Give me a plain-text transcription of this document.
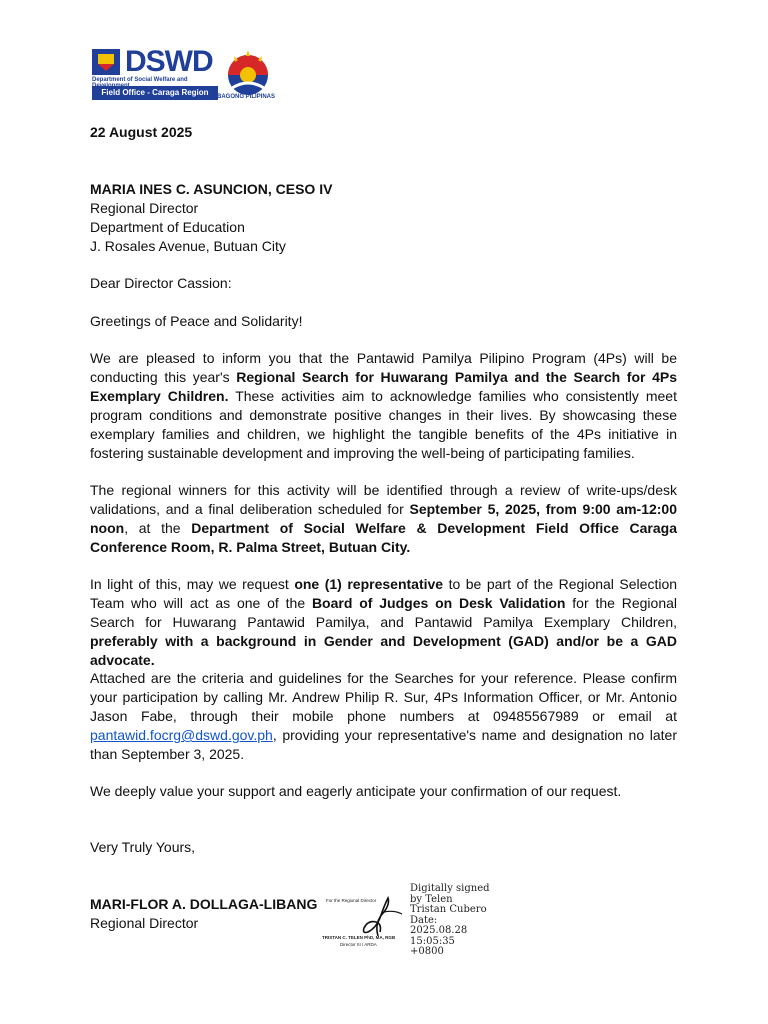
DSWD
Department of Social Welfare and
Field Office - Caraga Region	BAGONG PILIPINAS
22 August 2025
MARIA INES C. ASUNCION, CESO IV
Regional Director
Department of Education
J. Rosales Avenue, Butuan City
Dear Director Cassion:
Greetings of Peace and Solidarity!
We are pleased to inform you that the Pantawid Pamilya Pilipino Program (4Ps) will be conducting this year's Regional Search for Huwarang Pamilya and the Search for 4Ps Exemplary Children. These activities aim to acknowledge families who consistently meet program conditions and demonstrate positive changes in their lives. By showcasing these exemplary families and children, we highlight the tangible benefits of the 4Ps initiative in fostering sustainable development and improving the well-being of participating families.
The regional winners for this activity will be identified through a review of write-ups/desk validations, and a final deliberation scheduled for September 5, 2025, from 9:00 am-12:00 noon, at the Department of Social Welfare & Development Field Office Caraga Conference Room, R. Palma Street, Butuan City.
In light of this, may we request one (1) representative to be part of the Regional Selection Team who will act as one of the Board of Judges on Desk Validation for the Regional Search for Huwarang Pantawid Pamilya, and Pantawid Pamilya Exemplary Children, preferably with a background in Gender and Development (GAD) and/or be a GAD advocate.
Attached are the criteria and guidelines for the Searches for your reference. Please confirm your participation by calling Mr. Andrew Philip R. Sur, 4Ps Information Officer, or Mr. Antonio Jason Fabe, through their mobile phone numbers at 09485567989 or email at pantawid.focrg@dswd.gov.ph, providing your representative's name and designation no later than September 3, 2025.
We deeply value your support and eagerly anticipate your confirmation of our request.
Very Truly Yours,
MARI-FLOR A. DOLLAGA-LIBANG
Regional Director
For the Regional Director
TRISTAN C. TELEN PhD, MA, RGB
Director III / ARDA
Digitally signed
by Telen
Tristan Cubero
Date:
2025.08.28
15:05:35
+0800
